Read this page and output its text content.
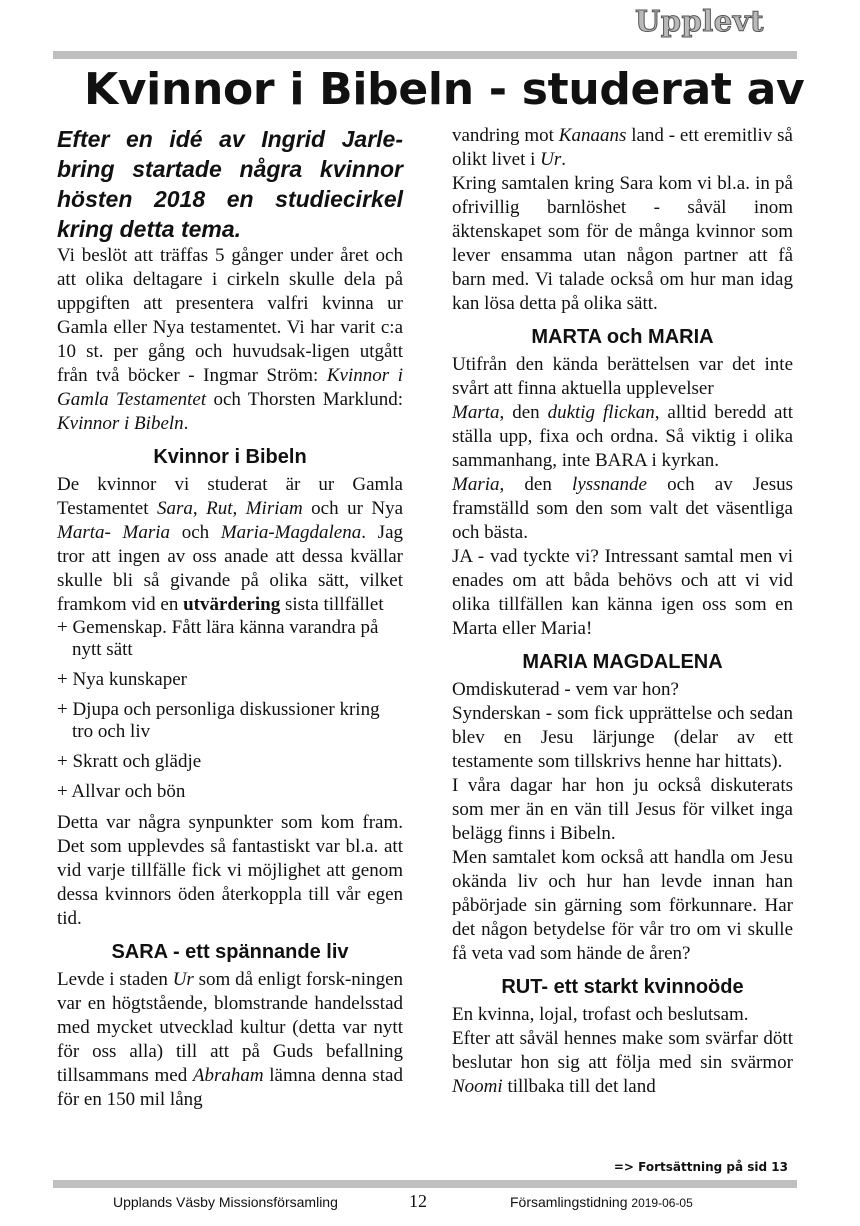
Upplevt
Kvinnor i Bibeln - studerat av

Efter en idé av Ingrid Jarle-bring startade några kvinnor hösten 2018 en studiecirkel kring detta tema.

Vi beslöt att träffas 5 gånger under året och att olika deltagare i cirkeln skulle dela på uppgiften att presentera valfri kvinna ur Gamla eller Nya testamentet. Vi har varit c:a 10 st. per gång och huvudsak-ligen utgått från två böcker - Ingmar Ström: Kvinnor i Gamla Testamentet och Thorsten Marklund: Kvinnor i Bibeln.

Kvinnor i Bibeln

De kvinnor vi studerat är ur Gamla Testamentet Sara, Rut, Miriam och ur Nya Marta- Maria och Maria-Magdalena. Jag tror att ingen av oss anade att dessa kvällar skulle bli så givande på olika sätt, vilket framkom vid en utvärdering sista tillfället

+ Gemenskap. Fått lära känna varandra på nytt sätt
+ Nya kunskaper
+ Djupa och personliga diskussioner kring tro och liv
+ Skratt och glädje
+ Allvar och bön

Detta var några synpunkter som kom fram. Det som upplevdes så fantastiskt var bl.a. att vid varje tillfälle fick vi möjlighet att genom dessa kvinnors öden återkoppla till vår egen tid.

SARA - ett spännande liv

Levde i staden Ur som då enligt forsk-ningen var en högtstående, blomstrande handelsstad med mycket utvecklad kultur (detta var nytt för oss alla) till att på Guds befallning tillsammans med Abraham lämna denna stad för en 150 mil lång

vandring mot Kanaans land - ett eremitliv så olikt livet i Ur.

Kring samtalen kring Sara kom vi bl.a. in på ofrivillig barnlöshet - såväl inom äktenskapet som för de många kvinnor som lever ensamma utan någon partner att få barn med. Vi talade också om hur man idag kan lösa detta på olika sätt.

MARTA och MARIA

Utifrån den kända berättelsen var det inte svårt att finna aktuella upplevelser

Marta, den duktig flickan, alltid beredd att ställa upp, fixa och ordna. Så viktig i olika sammanhang, inte BARA i kyrkan.

Maria, den lyssnande och av Jesus framställd som den som valt det väsentliga och bästa.

JA - vad tyckte vi? Intressant samtal men vi enades om att båda behövs och att vi vid olika tillfällen kan känna igen oss som en Marta eller Maria!

MARIA MAGDALENA

Omdiskuterad - vem var hon?

Synderskan - som fick upprättelse och sedan blev en Jesu lärjunge (delar av ett testamente som tillskrivs henne har hittats).

I våra dagar har hon ju också diskuterats som mer än en vän till Jesus för vilket inga belägg finns i Bibeln.

Men samtalet kom också att handla om Jesu okända liv och hur han levde innan han påbörjade sin gärning som förkunnare. Har det någon betydelse för vår tro om vi skulle få veta vad som hände de åren?

RUT- ett starkt kvinnoöde

En kvinna, lojal, trofast och beslutsam.

Efter att såväl hennes make som svärfar dött beslutar hon sig att följa med sin svärmor Noomi tillbaka till det land

=> Fortsättning på sid 13
Upplands Väsby Missionsförsamling	12	Församlingstidning 2019-06-05
